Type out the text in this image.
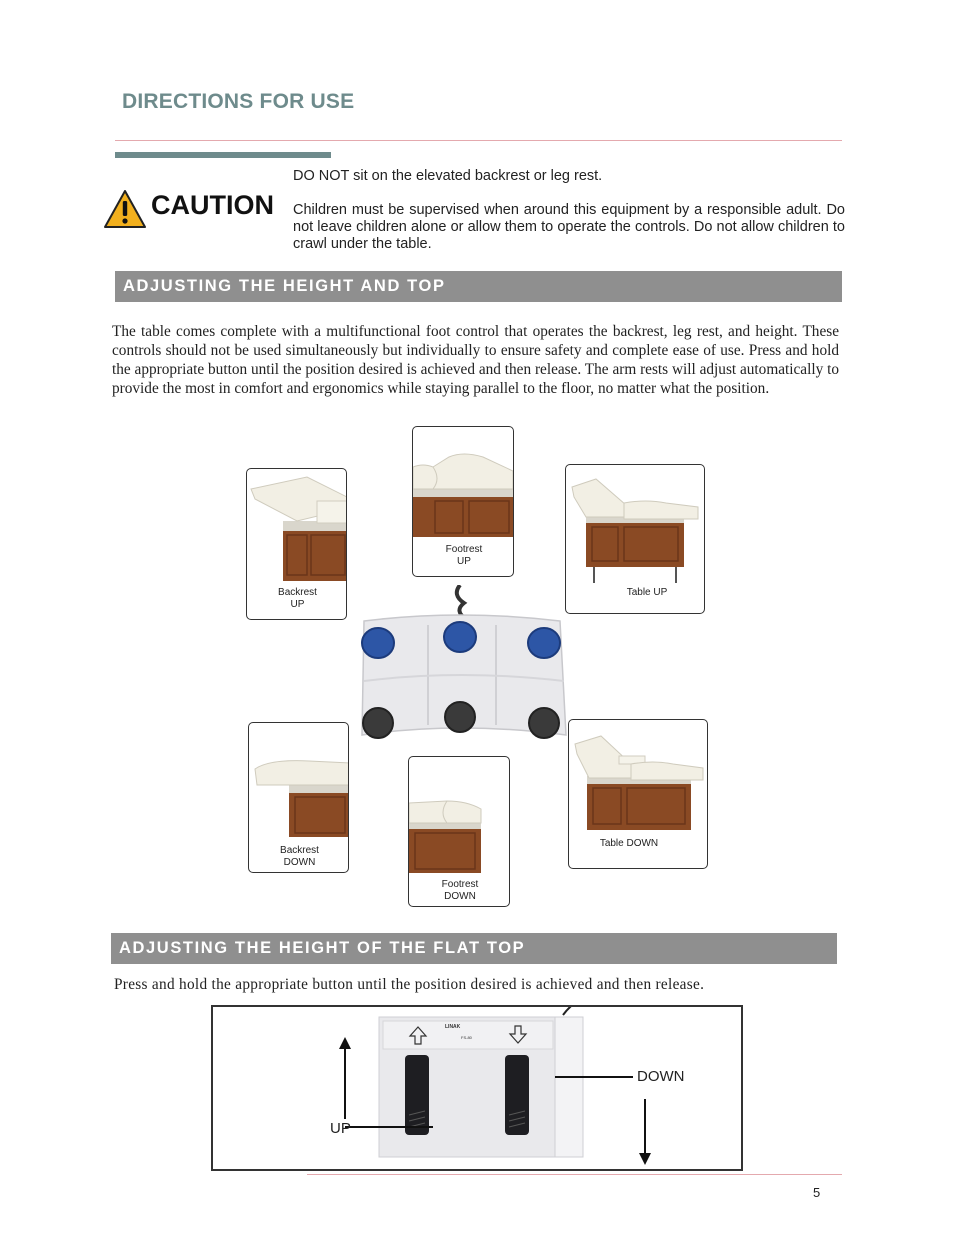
DIRECTIONS FOR USE
CAUTION
DO NOT sit on the elevated backrest or leg rest.
Children must be supervised when around this equipment by a responsible adult. Do not leave children alone or allow them to operate the controls. Do not allow children to crawl under the table.
ADJUSTING THE HEIGHT AND TOP
The table comes complete with a multifunctional foot control that operates the backrest, leg rest, and height. These controls should not be used simultaneously but individually to ensure safety and complete ease of use. Press and hold the appropriate button until the position desired is achieved and then release. The arm rests will adjust automatically to provide the most in comfort and ergonomics while staying parallel to the floor, no matter what the position.
Backrest
UP
Footrest
UP
Table UP
Backrest
DOWN
Footrest
DOWN
Table DOWN
ADJUSTING THE HEIGHT OF THE FLAT TOP
Press and hold the appropriate button until the position desired is achieved and then release.
LINAK
FS-80
UP
DOWN
5
